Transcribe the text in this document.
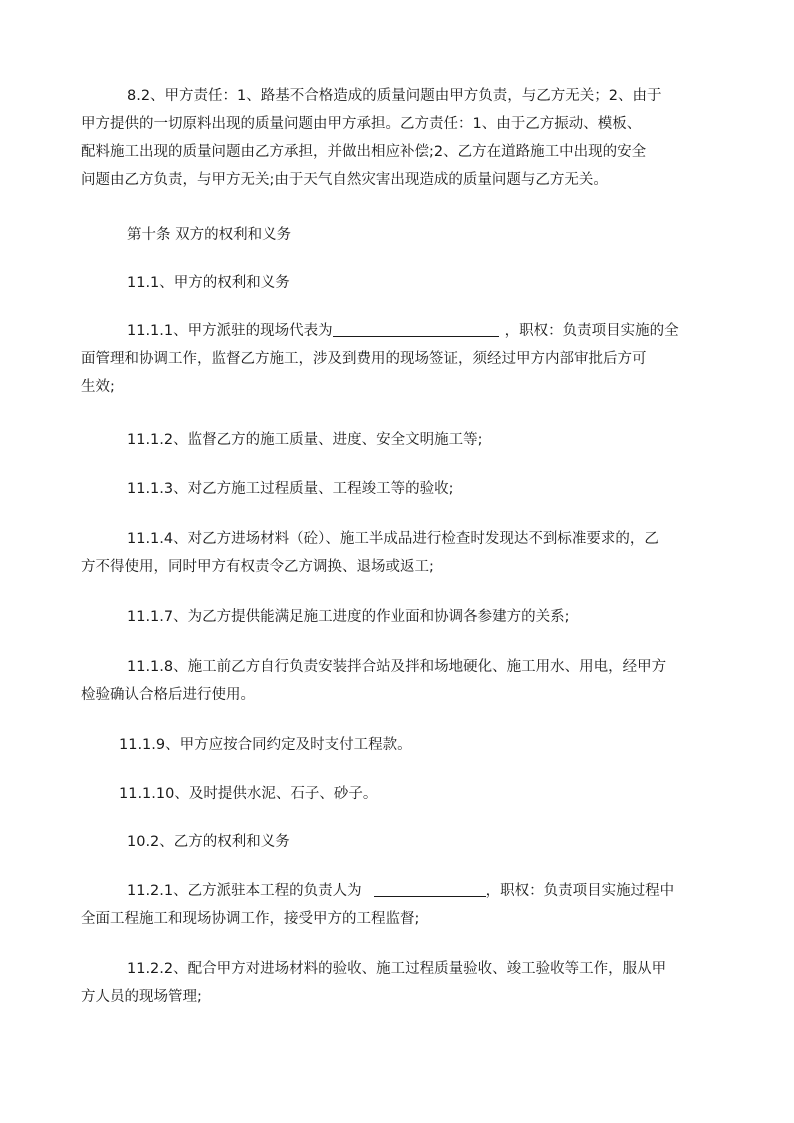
8.2、甲方责任：1、路基不合格造成的质量问题由甲方负责，与乙方无关；2、由于
甲方提供的一切原料出现的质量问题由甲方承担。乙方责任：1、由于乙方振动、模板、
配料施工出现的质量问题由乙方承担，并做出相应补偿;2、乙方在道路施工中出现的安全
问题由乙方负责，与甲方无关;由于天气自然灾害出现造成的质量问题与乙方无关。
第十条 双方的权利和义务
11.1、甲方的权利和义务
11.1.1、甲方派驻的现场代表为	，职权：负责项目实施的全
面管理和协调工作，监督乙方施工，涉及到费用的现场签证，须经过甲方内部审批后方可
生效;
11.1.2、监督乙方的施工质量、进度、安全文明施工等;
11.1.3、对乙方施工过程质量、工程竣工等的验收;
11.1.4、对乙方进场材料（砼）、施工半成品进行检查时发现达不到标准要求的，乙
方不得使用，同时甲方有权责令乙方调换、退场或返工;
11.1.7、为乙方提供能满足施工进度的作业面和协调各参建方的关系;
11.1.8、施工前乙方自行负责安装拌合站及拌和场地硬化、施工用水、用电，经甲方
检验确认合格后进行使用。
11.1.9、甲方应按合同约定及时支付工程款。
11.1.10、及时提供水泥、石子、砂子。
10.2、乙方的权利和义务
11.2.1、乙方派驻本工程的负责人为	，职权：负责项目实施过程中
全面工程施工和现场协调工作，接受甲方的工程监督;
11.2.2、配合甲方对进场材料的验收、施工过程质量验收、竣工验收等工作，服从甲
方人员的现场管理;
